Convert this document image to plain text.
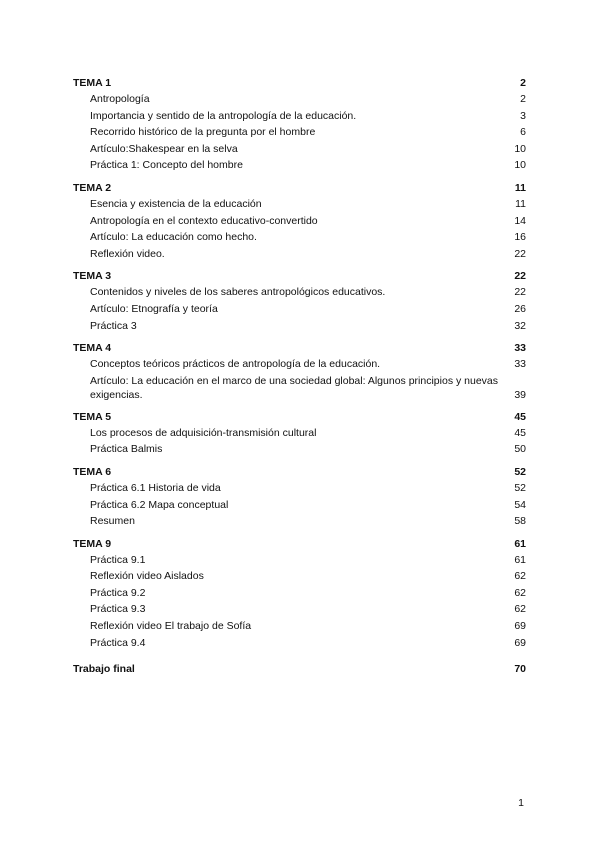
TEMA 1	2
Antropología	2
Importancia y sentido de la antropología de la educación.	3
Recorrido histórico de la pregunta por el hombre	6
Artículo:Shakespear en la selva	10
Práctica 1: Concepto del hombre	10
TEMA 2	11
Esencia y existencia de la educación	11
Antropología en el contexto educativo-convertido	14
Artículo: La educación como hecho.	16
Reflexión video.	22
TEMA 3	22
Contenidos y niveles de los saberes antropológicos educativos.	22
Artículo: Etnografía y teoría	26
Práctica 3	32
TEMA 4	33
Conceptos teóricos prácticos de antropología de la educación.	33
Artículo: La educación en el marco de una sociedad global: Algunos principios y nuevas
exigencias.	39
TEMA 5	45
Los procesos de adquisición-transmisión cultural	45
Práctica Balmis	50
TEMA 6	52
Práctica 6.1 Historia de vida	52
Práctica 6.2 Mapa conceptual	54
Resumen	58
TEMA 9	61
Práctica 9.1	61
Reflexión video Aislados	62
Práctica 9.2	62
Práctica 9.3	62
Reflexión video El trabajo de Sofía	69
Práctica 9.4	69
Trabajo final	70
1
